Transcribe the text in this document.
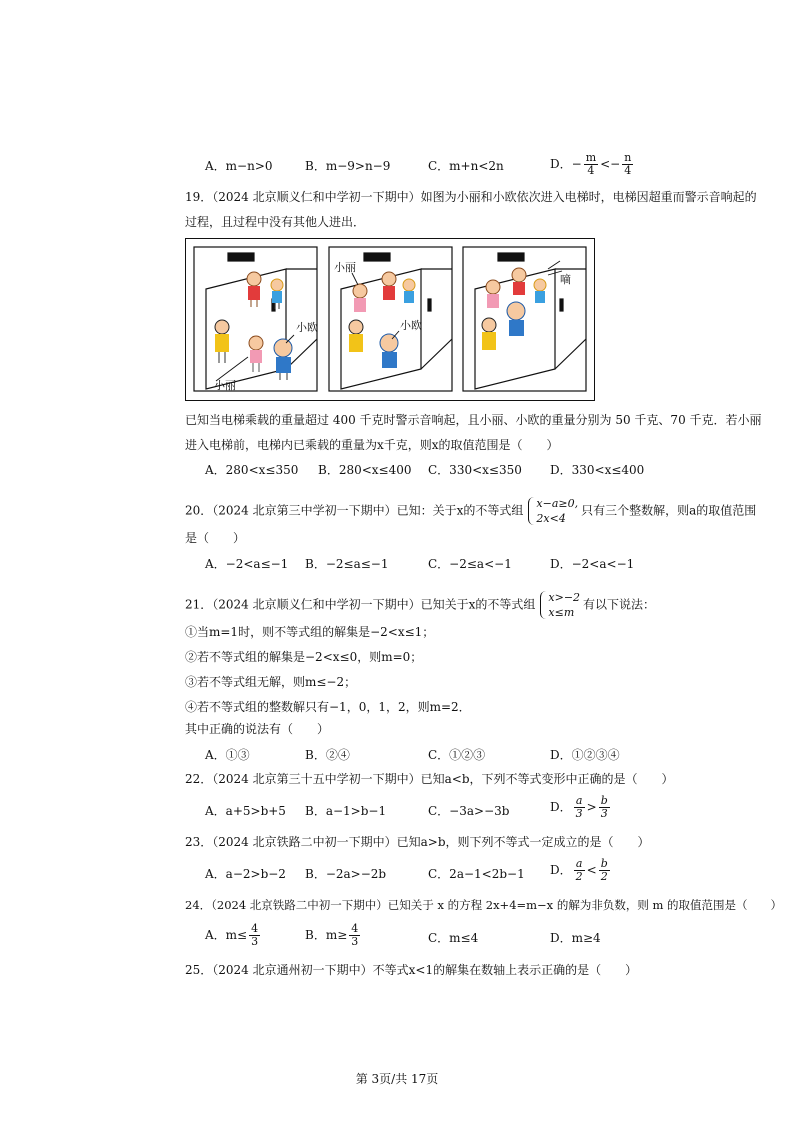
A．m−n>0	B．m−9>n−9	C．m+n<2n	D．− $\frac{m}{4} <- \frac{n}{4}$
19．（2024 北京顺义仁和中学初一下期中）如图为小丽和小欧依次进入电梯时，电梯因超重而警示音响起的
过程，且过程中没有其他人进出．
小欧
小丽
小丽
小欧
嘀
已知当电梯乘载的重量超过 400 千克时警示音响起，且小丽、小欧的重量分别为 50 千克、70 千克．若小丽
进入电梯前，电梯内已乘载的重量为x千克，则x的取值范围是（　　）
A．280<x≤350 B．280<x≤400 C．330<x≤350 D．330<x≤400
20．（2024 北京第三中学初一下期中）已知：关于x的不等式组 x−a≥0,
2x<4
只有三个整数解，则a的取值范围
是（　　）
A．−2<a≤−1 B．−2≤a≤−1	C．−2≤a<−1	D．−2<a<−1
21．（2024 北京顺义仁和中学初一下期中）已知关于x的不等式组 x>−2
x≤m
有以下说法：
①当m=1时，则不等式组的解集是−2<x≤1；
②若不等式组的解集是−2<x≤0，则m=0；
③若不等式组无解，则m≤−2；
④若不等式组的整数解只有−1，0，1，2，则m=2．
其中正确的说法有（　　）
A．①③	B．②④	C．①②③	D．①②③④
22．（2024 北京第三十五中学初一下期中）已知a<b，下列不等式变形中正确的是（　　）
A．a+5>b+5 B．a−1>b−1	C．−3a>−3b	D． $\frac{a}{3} > \frac{b}{3}$
23．（2024 北京铁路二中初一下期中）已知a>b，则下列不等式一定成立的是（　　）
A．a−2>b−2 B．−2a>−2b	C．2a−1<2b−1 D． $\frac{a}{2} < \frac{b}{2}$
24．（2024 北京铁路二中初一下期中）已知关于 x 的方程 2x+4=m−x 的解为非负数，则 m 的取值范围是（　　）
A．$m\le \frac{4}{3}$	B．$m\ge \frac{4}{3}$	C．m≤4	D．m≥4
25．（2024 北京通州初一下期中）不等式x<1的解集在数轴上表示正确的是（　　）
第 3页/共 17页
